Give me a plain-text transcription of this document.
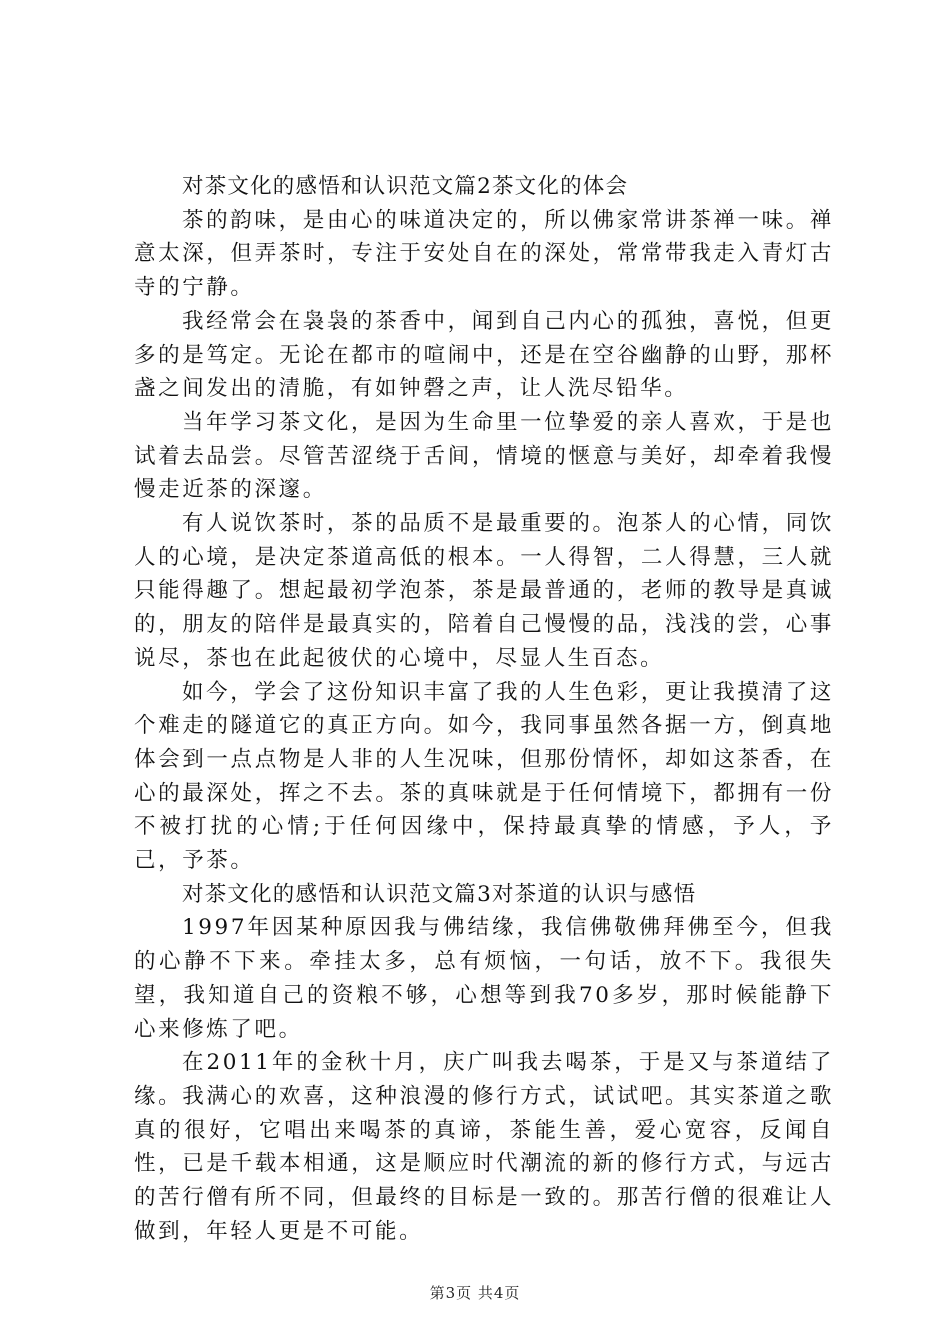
对茶文化的感悟和认识范文篇2茶文化的体会

茶的韵味，是由心的味道决定的，所以佛家常讲茶禅一味。禅意太深，但弄茶时，专注于安处自在的深处，常常带我走入青灯古寺的宁静。

我经常会在袅袅的茶香中，闻到自己内心的孤独，喜悦，但更多的是笃定。无论在都市的喧闹中，还是在空谷幽静的山野，那杯盏之间发出的清脆，有如钟磬之声，让人洗尽铅华。

当年学习茶文化，是因为生命里一位挚爱的亲人喜欢，于是也试着去品尝。尽管苦涩绕于舌间，情境的惬意与美好，却牵着我慢慢走近茶的深邃。

有人说饮茶时，茶的品质不是最重要的。泡茶人的心情，同饮人的心境，是决定茶道高低的根本。一人得智，二人得慧，三人就只能得趣了。想起最初学泡茶，茶是最普通的，老师的教导是真诚的，朋友的陪伴是最真实的，陪着自己慢慢的品，浅浅的尝，心事说尽，茶也在此起彼伏的心境中，尽显人生百态。

如今，学会了这份知识丰富了我的人生色彩，更让我摸清了这个难走的隧道它的真正方向。如今，我同事虽然各据一方，倒真地体会到一点点物是人非的人生况味，但那份情怀，却如这茶香，在心的最深处，挥之不去。茶的真味就是于任何情境下，都拥有一份不被打扰的心情;于任何因缘中，保持最真挚的情感，予人，予己，予茶。

对茶文化的感悟和认识范文篇3对茶道的认识与感悟

1997年因某种原因我与佛结缘，我信佛敬佛拜佛至今，但我的心静不下来。牵挂太多，总有烦恼，一句话，放不下。我很失望，我知道自己的资粮不够，心想等到我70多岁，那时候能静下心来修炼了吧。

在2011年的金秋十月，庆广叫我去喝茶，于是又与茶道结了缘。我满心的欢喜，这种浪漫的修行方式，试试吧。其实茶道之歌真的很好，它唱出来喝茶的真谛，茶能生善，爱心宽容，反闻自性，已是千载本相通，这是顺应时代潮流的新的修行方式，与远古的苦行僧有所不同，但最终的目标是一致的。那苦行僧的很难让人做到，年轻人更是不可能。

第3页 共4页
